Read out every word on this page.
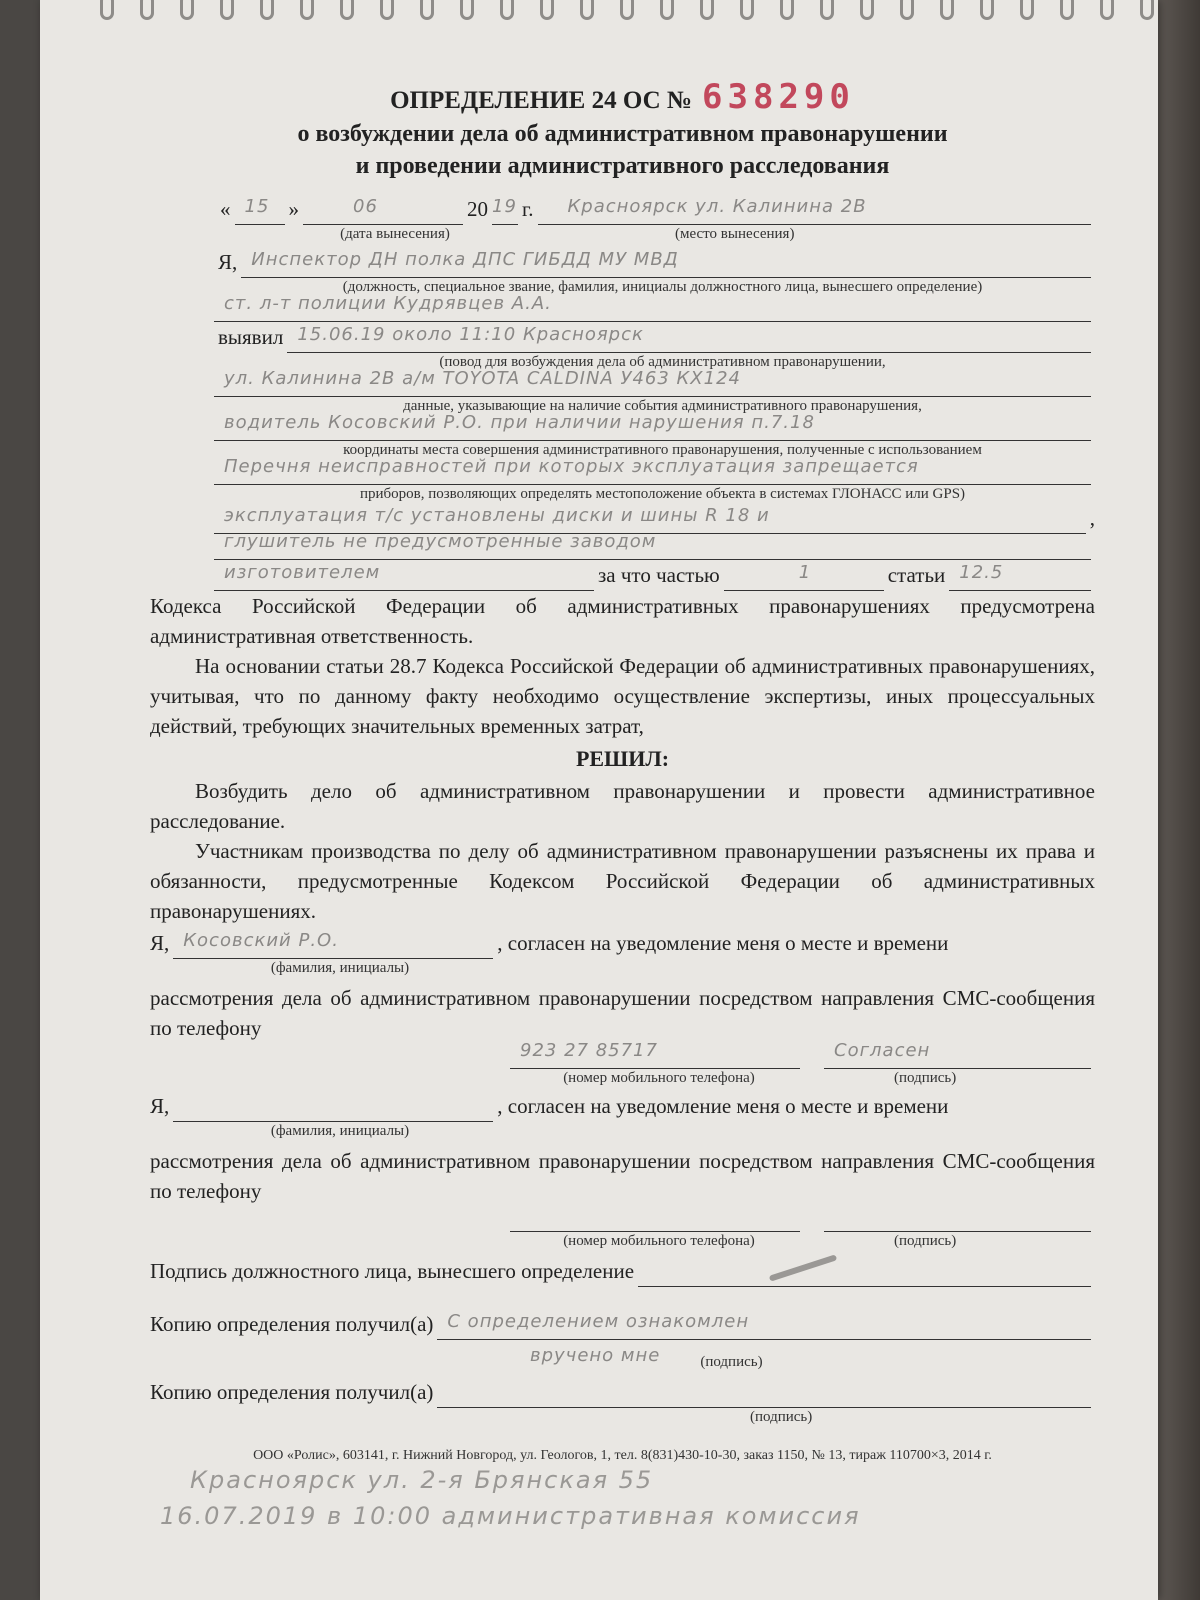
ОПРЕДЕЛЕНИЕ 24 ОС № 638290
о возбуждении дела об административном правонарушении
и проведении административного расследования
« 15 »	06	20 19 г. Красноярск ул. Калинина 2В
(дата вынесения)	(место вынесения)
Я, Инспектор ДН полка ДПС ГИБДД МУ МВД
(должность, специальное звание, фамилия, инициалы должностного лица, вынесшего определение)
ст. л-т полиции Кудрявцев А.А.
выявил 15.06.19 около 11:10 Красноярск
(повод для возбуждения дела об административном правонарушении,
ул. Калинина 2В а/м TOYOTA CALDINA У463 КХ124
данные, указывающие на наличие события административного правонарушения,
водитель Косовский Р.О. при наличии нарушения п.7.18
координаты места совершения административного правонарушения, полученные с использованием
Перечня неисправностей при которых эксплуатация запрещается
приборов, позволяющих определять местоположение объекта в системах ГЛОНАСС или GPS)
эксплуатация т/с установлены диски и шины R 18 и	,
глушитель не предусмотренные заводом
изготовителем	за что частью	1	статьи 12.5
Кодекса Российской Федерации об административных правонарушениях предусмотрена административная ответственность.
На основании статьи 28.7 Кодекса Российской Федерации об административных правонарушениях, учитывая, что по данному факту необходимо осуществление экспертизы, иных процессуальных действий, требующих значительных временных затрат,
РЕШИЛ:
Возбудить дело об административном правонарушении и провести административное расследование.
Участникам производства по делу об административном правонарушении разъяснены их права и обязанности, предусмотренные Кодексом Российской Федерации об административных правонарушениях.
Я, Косовский Р.О.	, согласен на уведомление меня о месте и времени
(фамилия, инициалы)
рассмотрения дела об административном правонарушении посредством направления СМС-сообщения по телефону
923 27 85717	Согласен
(номер мобильного телефона)	(подпись)
Я,	, согласен на уведомление меня о месте и времени
(фамилия, инициалы)
рассмотрения дела об административном правонарушении посредством направления СМС-сообщения по телефону
(номер мобильного телефона)	(подпись)
Подпись должностного лица, вынесшего определение
Копию определения получил(а) С определением ознакомлен
вручено мне	(подпись)
Копию определения получил(а)
(подпись)
ООО «Ролис», 603141, г. Нижний Новгород, ул. Геологов, 1, тел. 8(831)430-10-30, заказ 1150, № 13, тираж 110700×3, 2014 г.
Красноярск ул. 2-я Брянская 55
16.07.2019 в 10:00 административная комиссия
